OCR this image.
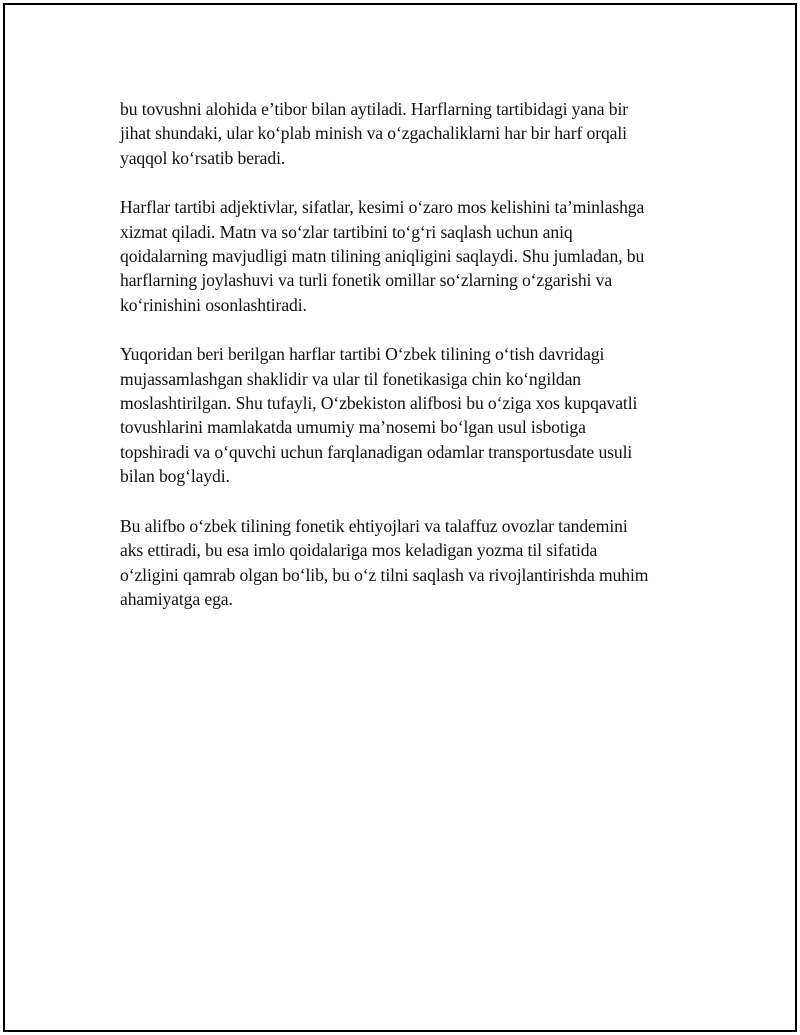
bu tovushni alohida e’tibor bilan aytiladi. Harflarning tartibidagi yana bir
jihat shundaki, ular ko‘plab minish va o‘zgachaliklarni har bir harf orqali
yaqqol ko‘rsatib beradi.

Harflar tartibi adjektivlar, sifatlar, kesimi o‘zaro mos kelishini ta’minlashga
xizmat qiladi. Matn va so‘zlar tartibini to‘g‘ri saqlash uchun aniq
qoidalarning mavjudligi matn tilining aniqligini saqlaydi. Shu jumladan, bu
harflarning joylashuvi va turli fonetik omillar so‘zlarning o‘zgarishi va
ko‘rinishini osonlashtiradi.

Yuqoridan beri berilgan harflar tartibi O‘zbek tilining o‘tish davridagi
mujassamlashgan shaklidir va ular til fonetikasiga chin ko‘ngildan
moslashtirilgan. Shu tufayli, O‘zbekiston alifbosi bu o‘ziga xos kupqavatli
tovushlarini mamlakatda umumiy ma’nosemi bo‘lgan usul isbotiga
topshiradi va o‘quvchi uchun farqlanadigan odamlar transportusdate usuli
bilan bog‘laydi.

Bu alifbo o‘zbek tilining fonetik ehtiyojlari va talaffuz ovozlar tandemini
aks ettiradi, bu esa imlo qoidalariga mos keladigan yozma til sifatida
o‘zligini qamrab olgan bo‘lib, bu o‘z tilni saqlash va rivojlantirishda muhim
ahamiyatga ega.
